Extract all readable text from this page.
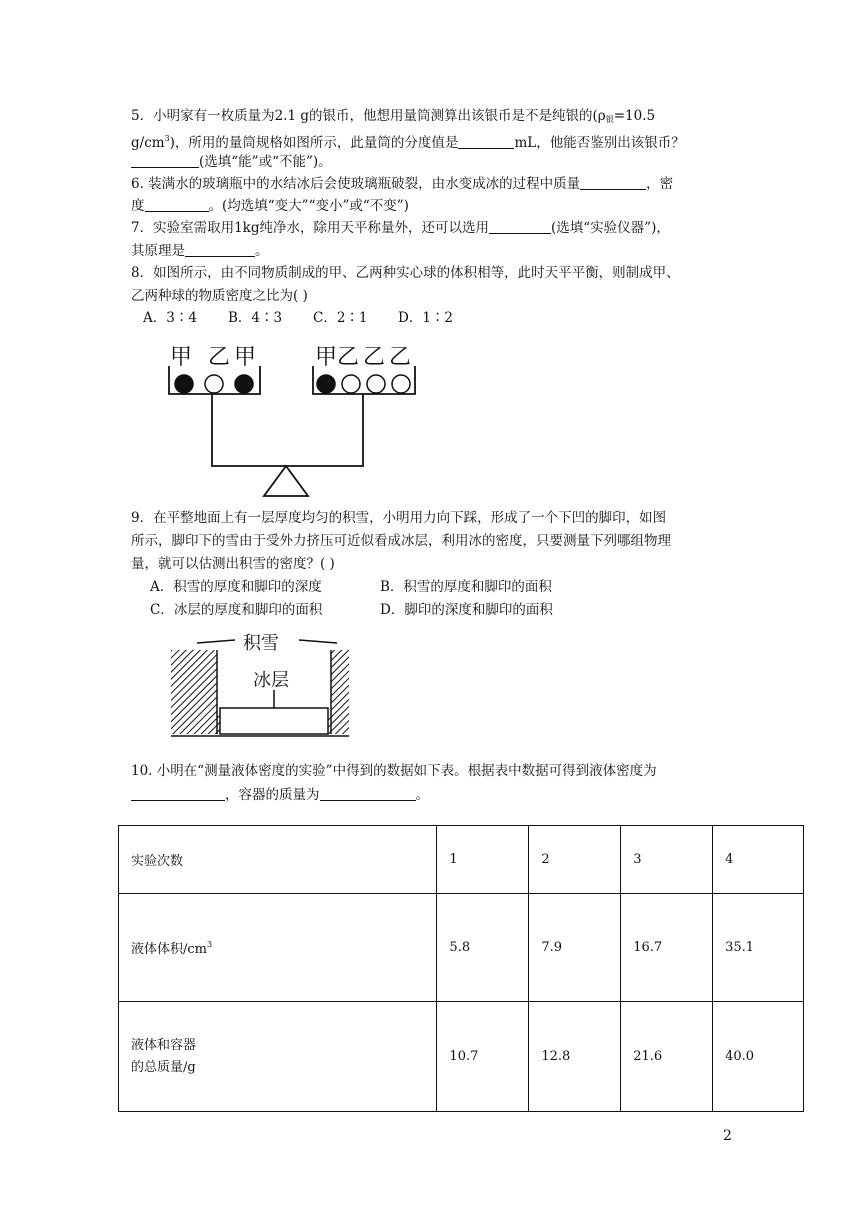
5．小明家有一枚质量为2.1 g的银币，他想用量筒测算出该银币是不是纯银的($\rho_银=10.5$
$g/cm^3$)，所用的量筒规格如图所示，此量筒的分度值是	mL，他能否鉴别出该银币？
(选填“能”或“不能”)。
6. 装满水的玻璃瓶中的水结冰后会使玻璃瓶破裂，由水变成冰的过程中质量	，密
度	。(均选填“变大”“变小”或“不变”)
7．实验室需取用1kg纯净水，除用天平称量外，还可以选用	(选填“实验仪器”)，
其原理是	。
8．如图所示，由不同物质制成的甲、乙两种实心球的体积相等，此时天平平衡，则制成甲、
乙两种球的物质密度之比为( )
A．3∶4 B．4∶3 C．2∶1 D．1∶2
甲 乙 甲	甲 乙 乙 乙
9．在平整地面上有一层厚度均匀的积雪，小明用力向下踩，形成了一个下凹的脚印，如图
所示，脚印下的雪由于受外力挤压可近似看成冰层，利用冰的密度，只要测量下列哪组物理
量，就可以估测出积雪的密度？( )
A．积雪的厚度和脚印的深度	B．积雪的厚度和脚印的面积
C．冰层的厚度和脚印的面积	D．脚印的深度和脚印的面积
积雪
冰层
10. 小明在“测量液体密度的实验”中得到的数据如下表。根据表中数据可得到液体密度为
，容器的质量为	。
实验次数	1	2	3	4
液体体积$/cm^3$	5.8	7.9	16.7	35.1

液体和容器
的总质量/g	10.7	12.8	21.6	40.0
2
